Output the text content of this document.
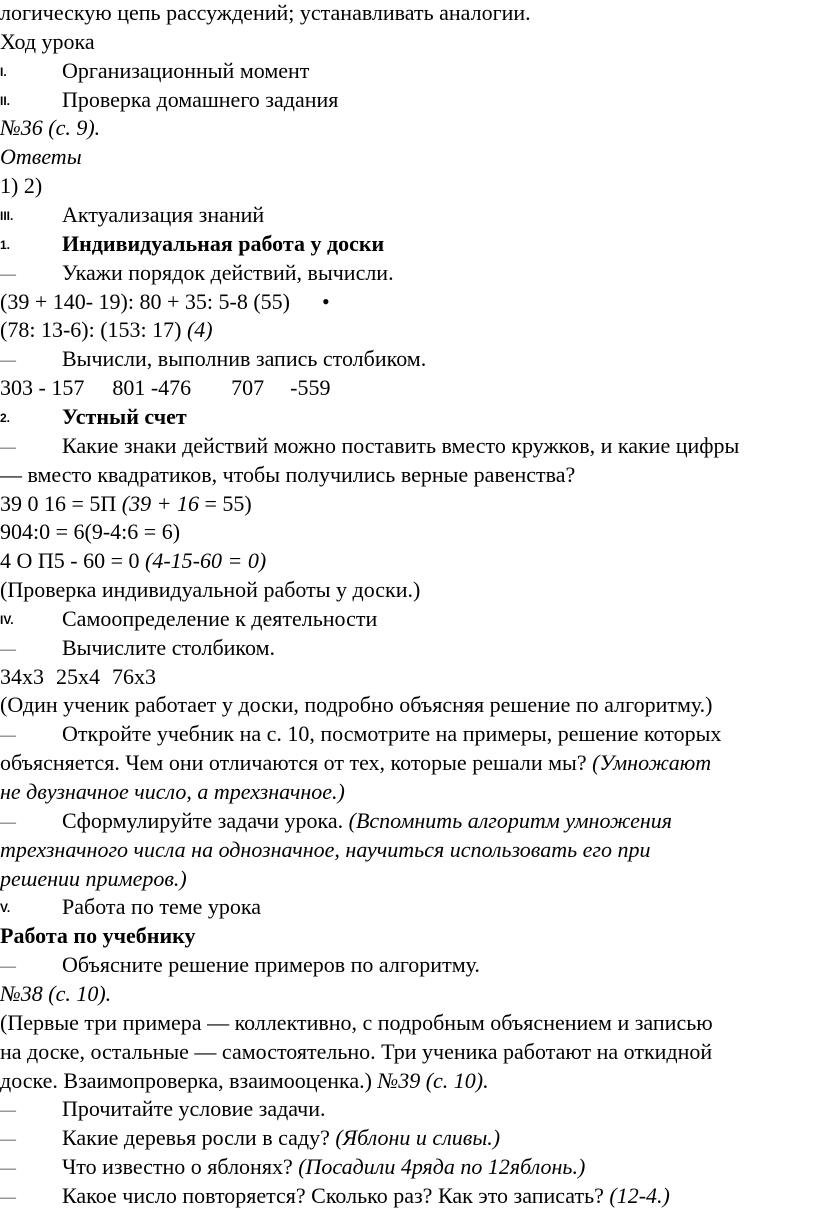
логическую цепь рассуждений; устанавливать аналогии.
Ход урока
I.	Организационный момент
II. Проверка домашнего задания
№36 (с. 9).
Ответы
1) 2)
III. Актуализация знаний
1. Индивидуальная работа у доски
— Укажи порядок действий, вычисли.
(39 + 140- 19): 80 + 35: 5-8 (55) •
(78: 13-6): (153: 17) (4)
— Вычисли, выполнив запись столбиком.
303 - 157 801 -476 707 -559
2. Устный счет
— Какие знаки действий можно поставить вместо кружков, и какие цифры
— вместо квадратиков, чтобы получились верные равенства?
39 0 16 = 5П (39 + 16 = 55)
904:0 = 6(9-4:6 = 6)
4 О П5 - 60 = 0 (4-15-60 = 0)
(Проверка индивидуальной работы у доски.)
IV. Самоопределение к деятельности
— Вычислите столбиком.
34х3 25х4 76х3
(Один ученик работает у доски, подробно объясняя решение по алгоритму.)
— Откройте учебник на с. 10, посмотрите на примеры, решение которых
объясняется. Чем они отличаются от тех, которые решали мы? (Умножают
не двузначное число, а трехзначное.)
— Сформулируйте задачи урока. (Вспомнить алгоритм умножения
трехзначного числа на однозначное, научиться использовать его при
решении примеров.)
V. Работа по теме урока
Работа по учебнику
— Объясните решение примеров по алгоритму.
№38 (с. 10).
(Первые три примера — коллективно, с подробным объяснением и записью
на доске, остальные — самостоятельно. Три ученика работают на откидной
доске. Взаимопроверка, взаимооценка.) №39 (с. 10).
— Прочитайте условие задачи.
— Какие деревья росли в саду? (Яблони и сливы.)
— Что известно о яблонях? (Посадили 4ряда по 12яблонь.)
— Какое число повторяется? Сколько раз? Как это записать? (12-4.)
